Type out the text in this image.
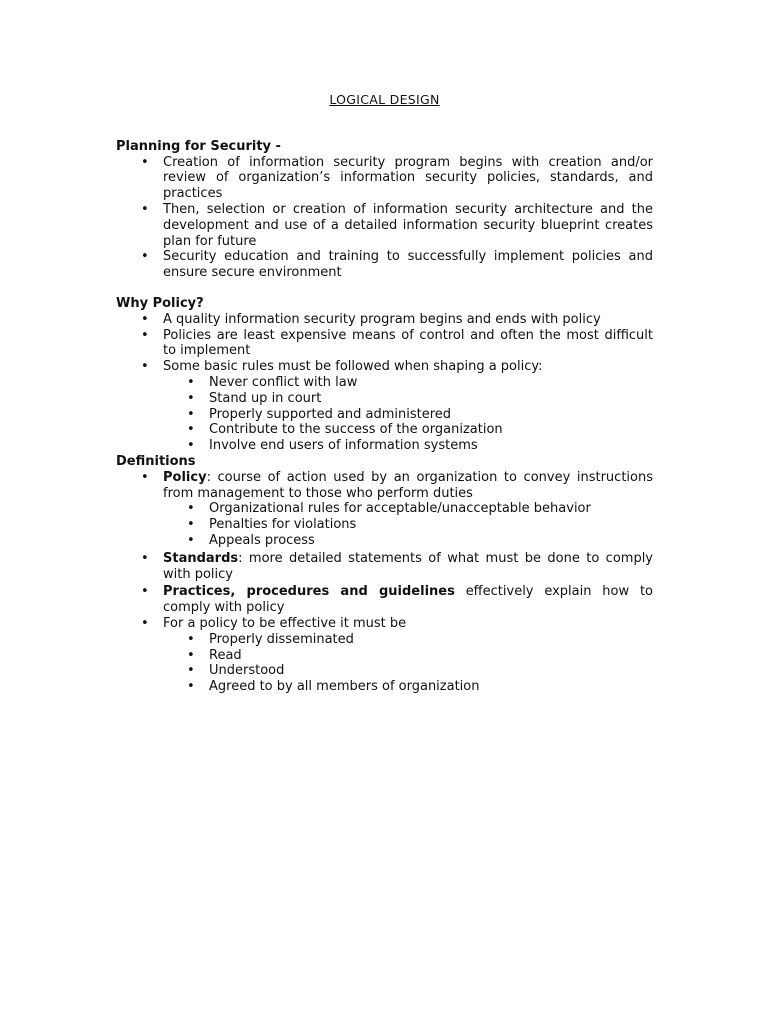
LOGICAL DESIGN
Planning for Security -
• Creation of information security program begins with creation and/or review of organization’s information security policies, standards, and practices
• Then, selection or creation of information security architecture and the development and use of a detailed information security blueprint creates plan for future
• Security education and training to successfully implement policies and ensure secure environment
Why Policy?
• A quality information security program begins and ends with policy
• Policies are least expensive means of control and often the most difficult to implement
• Some basic rules must be followed when shaping a policy:
• Never conflict with law
• Stand up in court
• Properly supported and administered
• Contribute to the success of the organization
• Involve end users of information systems
Definitions
• Policy: course of action used by an organization to convey instructions from management to those who perform duties
• Organizational rules for acceptable/unacceptable behavior
• Penalties for violations
• Appeals process
• Standards: more detailed statements of what must be done to comply with policy
• Practices, procedures and guidelines effectively explain how to comply with policy
• For a policy to be effective it must be
• Properly disseminated
• Read
• Understood
• Agreed to by all members of organization
